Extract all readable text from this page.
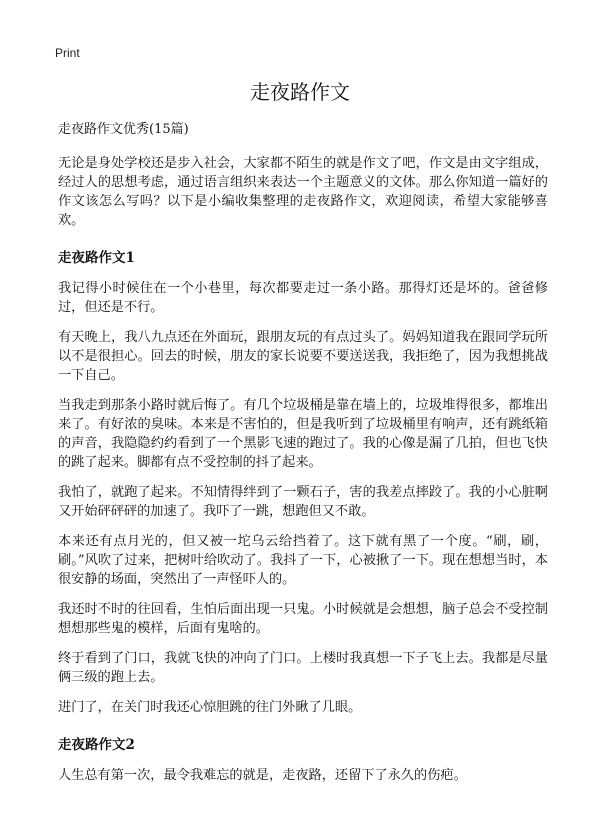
Print
走夜路作文

走夜路作文优秀(15篇)

无论是身处学校还是步入社会，大家都不陌生的就是作文了吧，作文是由文字组成，经过人的思想考虑，通过语言组织来表达一个主题意义的文体。那么你知道一篇好的作文该怎么写吗？以下是小编收集整理的走夜路作文，欢迎阅读，希望大家能够喜欢。

走夜路作文1

我记得小时候住在一个小巷里，每次都要走过一条小路。那得灯还是坏的。爸爸修过，但还是不行。

有天晚上，我八九点还在外面玩，跟朋友玩的有点过头了。妈妈知道我在跟同学玩所以不是很担心。回去的时候，朋友的家长说要不要送送我，我拒绝了，因为我想挑战一下自己。

当我走到那条小路时就后悔了。有几个垃圾桶是靠在墙上的，垃圾堆得很多，都堆出来了。有好浓的臭味。本来是不害怕的，但是我听到了垃圾桶里有响声，还有跳纸箱的声音，我隐隐约约看到了一个黑影飞速的跑过了。我的心像是漏了几拍，但也飞快的跳了起来。脚都有点不受控制的抖了起来。

我怕了，就跑了起来。不知情得绊到了一颗石子，害的我差点摔跤了。我的小心脏啊又开始砰砰砰的加速了。我吓了一跳，想跑但又不敢。

本来还有点月光的，但又被一坨乌云给挡着了。这下就有黑了一个度。“刷，刷，刷。”风吹了过来，把树叶给吹动了。我抖了一下，心被揪了一下。现在想想当时，本很安静的场面，突然出了一声怪吓人的。

我还时不时的往回看，生怕后面出现一只鬼。小时候就是会想想，脑子总会不受控制想想那些鬼的模样，后面有鬼啥的。

终于看到了门口，我就飞快的冲向了门口。上楼时我真想一下子飞上去。我都是尽量俩三级的跑上去。

进门了，在关门时我还心惊胆跳的往门外瞅了几眼。

走夜路作文2

人生总有第一次，最令我难忘的就是，走夜路，还留下了永久的伤疤。
